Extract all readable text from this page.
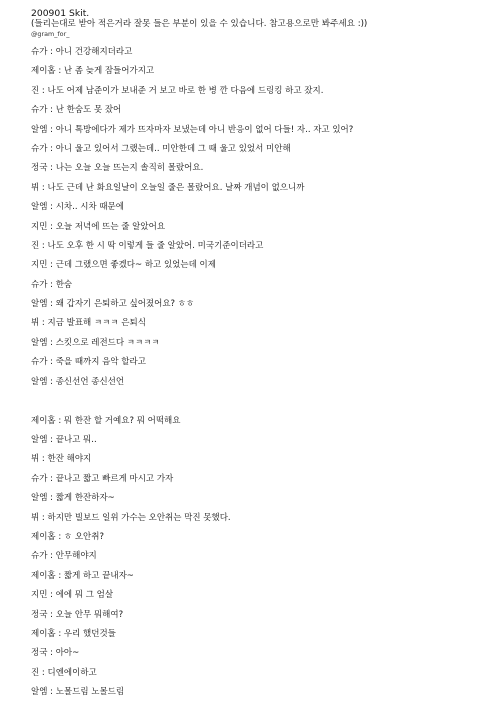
200901 Skit.
(들리는대로 받아 적은거라 잘못 들은 부분이 있을 수 있습니다. 참고용으로만 봐주세요 :))
@gram_for_
슈가 : 아니 건강해지더라고
제이홉 : 난 좀 늦게 잠들어가지고
진 : 나도 어제 남준이가 보내준 거 보고 바로 한 병 깐 다음에 드링킹 하고 잤지.
슈가 : 난 한숨도 못 잤어
알엠 : 아니 톡방에다가 제가 뜨자마자 보냈는데 아니 반응이 없어 다들! 자.. 자고 있어?
슈가 : 아니 울고 있어서 그랬는데.. 미안한데 그 때 울고 있었서 미안해
정국 : 나는 오늘 오늘 뜨는지 솔직히 몰랐어요.
뷔 : 나도 근데 난 화요일날이 오늘일 줄은 몰랐어요. 날짜 개념이 없으니까
알엠 : 시차.. 시차 때문에
지민 : 오늘 저녁에 뜨는 줄 알았어요
진 : 나도 오후 한 시 딱 이렇게 들 줄 알았어. 미국기준이더라고
지민 : 근데 그랬으면 좋겠다~ 하고 있었는데 이제
슈가 : 한숨
알엠 : 왜 갑자기 은퇴하고 싶어졌어요? ㅎㅎ
뷔 : 지금 발표해 ㅋㅋㅋ 은퇴식
알엠 : 스킷으로 레전드다 ㅋㅋㅋㅋ
슈가 : 죽을 때까지 음악 할라고
알엠 : 종신선언 종신선언
제이홉 : 뭐 한잔 할 거예요? 뭐 어떡해요
알엠 : 끝나고 뭐..
뷔 : 한잔 해야지
슈가 : 끝나고 짧고 빠르게 마시고 가자
알엠 : 짧게 한잔하자~
뷔 : 하지만 빌보드 일위 가수는 오안취는 막진 못했다.
제이홉 : ㅎ 오안취?
슈가 : 안무해야지
제이홉 : 짧게 하고 끝내자~
지민 : 에에 뭐 그 엄살
정국 : 오늘 안무 뭐해여?
제이홉 : 우리 했던것들
정국 : 아아~
진 : 디엔에이하고
알엠 : 노몰드림 노몰드림
